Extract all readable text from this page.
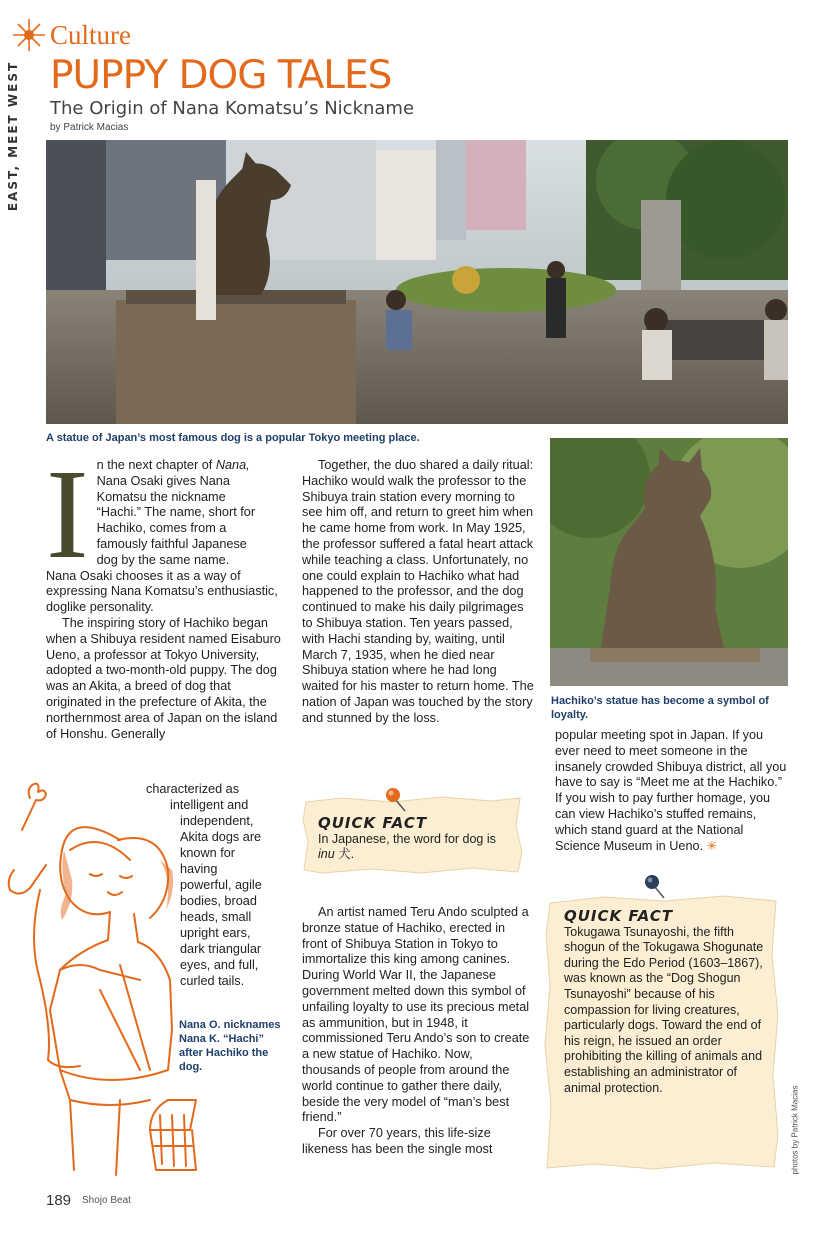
EAST, MEET WEST
Culture
PUPPY DOG TALES
The Origin of Nana Komatsu’s Nickname
by Patrick Macias
A statue of Japan’s most famous dog is a popular Tokyo meeting place.
Hachiko’s statue has become a symbol of loyalty.
I n the next chapter of Nana,
Nana Osaki gives Nana
Komatsu the nickname
“Hachi.” The name, short for
Hachiko, comes from a
famously faithful Japanese
dog by the same name.

Nana Osaki chooses it as a way of expressing Nana Komatsu’s enthusiastic, doglike personality.

The inspiring story of Hachiko began when a Shibuya resident named Eisaburo Ueno, a professor at Tokyo University, adopted a two-month-old puppy. The dog was an Akita, a breed of dog that originated in the prefecture of Akita, the northernmost area of Japan on the island of Honshu. Generally

characterized as
intelligent and
independent,
Akita dogs are
known for
having
powerful, agile
bodies, broad
heads, small
upright ears,
dark triangular
eyes, and full,
curled tails.
Nana O. nicknames Nana K. “Hachi” after Hachiko the dog.

Together, the duo shared a daily ritual: Hachiko would walk the professor to the Shibuya train station every morning to see him off, and return to greet him when he came home from work. In May 1925, the professor suffered a fatal heart attack while teaching a class. Unfortunately, no one could explain to Hachiko what had happened to the professor, and the dog continued to make his daily pilgrimages to Shibuya station. Ten years passed, with Hachi standing by, waiting, until March 7, 1935, when he died near Shibuya station where he had long waited for his master to return home. The nation of Japan was touched by the story and stunned by the loss.

QUICK FACT
In Japanese, the word for dog is inu 犬.

An artist named Teru Ando sculpted a bronze statue of Hachiko, erected in front of Shibuya Station in Tokyo to immortalize this king among canines. During World War II, the Japanese government melted down this symbol of unfailing loyalty to use its precious metal as ammunition, but in 1948, it commissioned Teru Ando’s son to create a new statue of Hachiko. Now, thousands of people from around the world continue to gather there daily, beside the very model of “man’s best friend.”

For over 70 years, this life-size likeness has been the single most

popular meeting spot in Japan. If you ever need to meet someone in the insanely crowded Shibuya district, all you have to say is “Meet me at the Hachiko.” If you wish to pay further homage, you can view Hachiko’s stuffed remains, which stand guard at the National Science Museum in Ueno. ✳

QUICK FACT
Tokugawa Tsunayoshi, the fifth shogun of the Tokugawa Shogunate during the Edo Period (1603–1867), was known as the “Dog Shogun Tsunayoshi” because of his compassion for living creatures, particularly dogs. Toward the end of his reign, he issued an order prohibiting the killing of animals and establishing an administrator of animal protection.
189 Shojo Beat
photos by Patrick Macias
